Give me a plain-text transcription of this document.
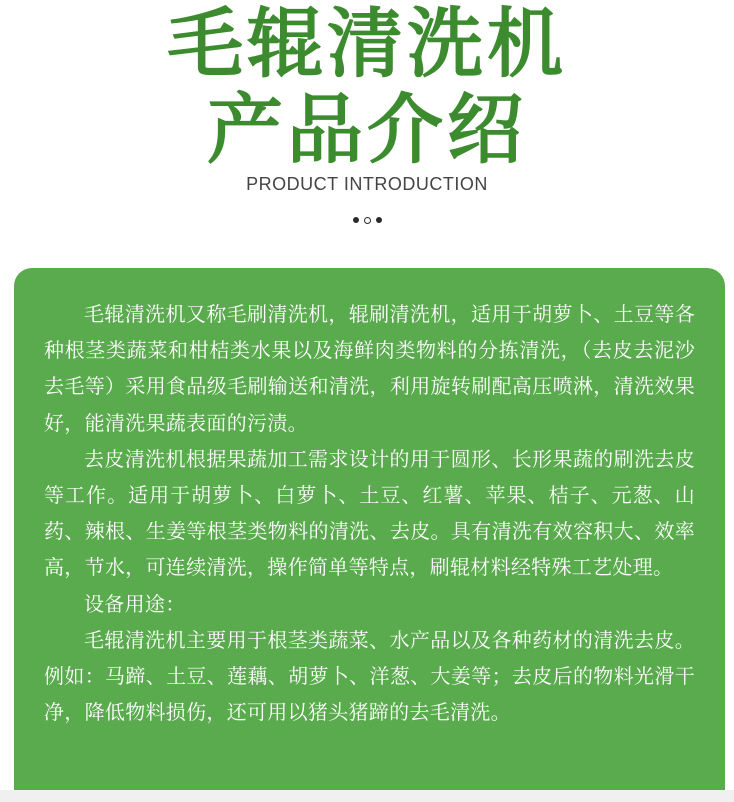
毛辊清洗机
产品介绍
PRODUCT INTRODUCTION

毛辊清洗机又称毛刷清洗机，辊刷清洗机，适用于胡萝卜、土豆等各种根茎类蔬菜和柑桔类水果以及海鲜肉类物料的分拣清洗，（去皮去泥沙去毛等）采用食品级毛刷输送和清洗，利用旋转刷配高压喷淋，清洗效果好，能清洗果蔬表面的污渍。

去皮清洗机根据果蔬加工需求设计的用于圆形、长形果蔬的刷洗去皮等工作。适用于胡萝卜、白萝卜、土豆、红薯、苹果、桔子、元葱、山药、辣根、生姜等根茎类物料的清洗、去皮。具有清洗有效容积大、效率高，节水，可连续清洗，操作简单等特点，刷辊材料经特殊工艺处理。

设备用途：

毛辊清洗机主要用于根茎类蔬菜、水产品以及各种药材的清洗去皮。例如：马蹄、土豆、莲藕、胡萝卜、洋葱、大姜等；去皮后的物料光滑干净，降低物料损伤，还可用以猪头猪蹄的去毛清洗。
